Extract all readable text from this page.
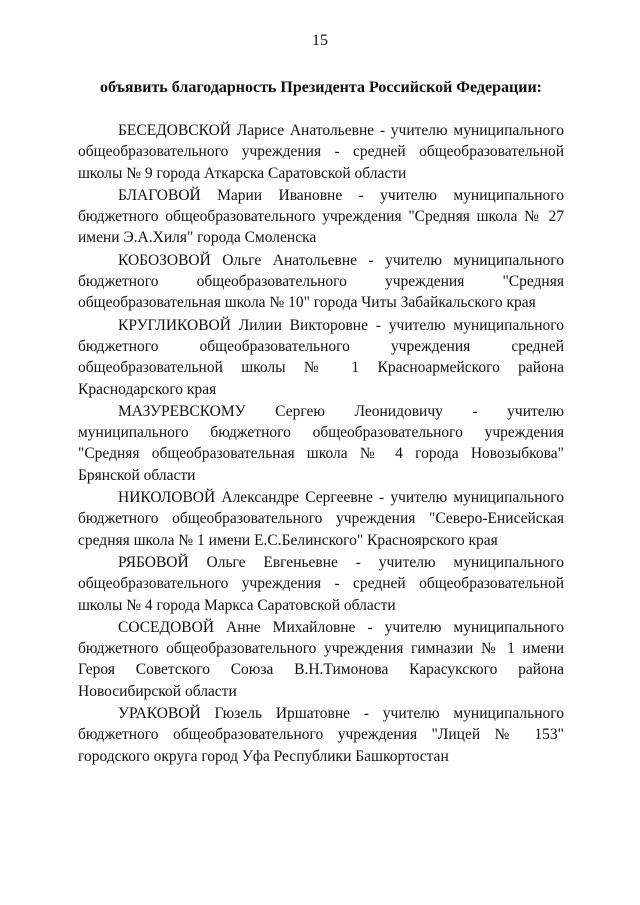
15
объявить благодарность Президента Российской Федерации:

БЕСЕДОВСКОЙ Ларисе Анатольевне - учителю муниципального общеобразовательного учреждения - средней общеобразовательной школы № 9 города Аткарска Саратовской области

БЛАГОВОЙ Марии Ивановне - учителю муниципального бюджетного общеобразовательного учреждения "Средняя школа № 27 имени Э.А.Хиля" города Смоленска

КОБОЗОВОЙ Ольге Анатольевне - учителю муниципального бюджетного общеобразовательного учреждения "Средняя общеобразовательная школа № 10" города Читы Забайкальского края

КРУГЛИКОВОЙ Лилии Викторовне - учителю муниципального бюджетного общеобразовательного учреждения средней общеобразовательной школы № 1 Красноармейского района Краснодарского края

МАЗУРЕВСКОМУ Сергею Леонидовичу - учителю муниципального бюджетного общеобразовательного учреждения "Средняя общеобразовательная школа № 4 города Новозыбкова" Брянской области

НИКОЛОВОЙ Александре Сергеевне - учителю муниципального бюджетного общеобразовательного учреждения "Северо-Енисейская средняя школа № 1 имени Е.С.Белинского" Красноярского края

РЯБОВОЙ Ольге Евгеньевне - учителю муниципального общеобразовательного учреждения - средней общеобразовательной школы № 4 города Маркса Саратовской области

СОСЕДОВОЙ Анне Михайловне - учителю муниципального бюджетного общеобразовательного учреждения гимназии № 1 имени Героя Советского Союза В.Н.Тимонова Карасукского района Новосибирской области

УРАКОВОЙ Гюзель Иршатовне - учителю муниципального бюджетного общеобразовательного учреждения "Лицей № 153" городского округа город Уфа Республики Башкортостан
